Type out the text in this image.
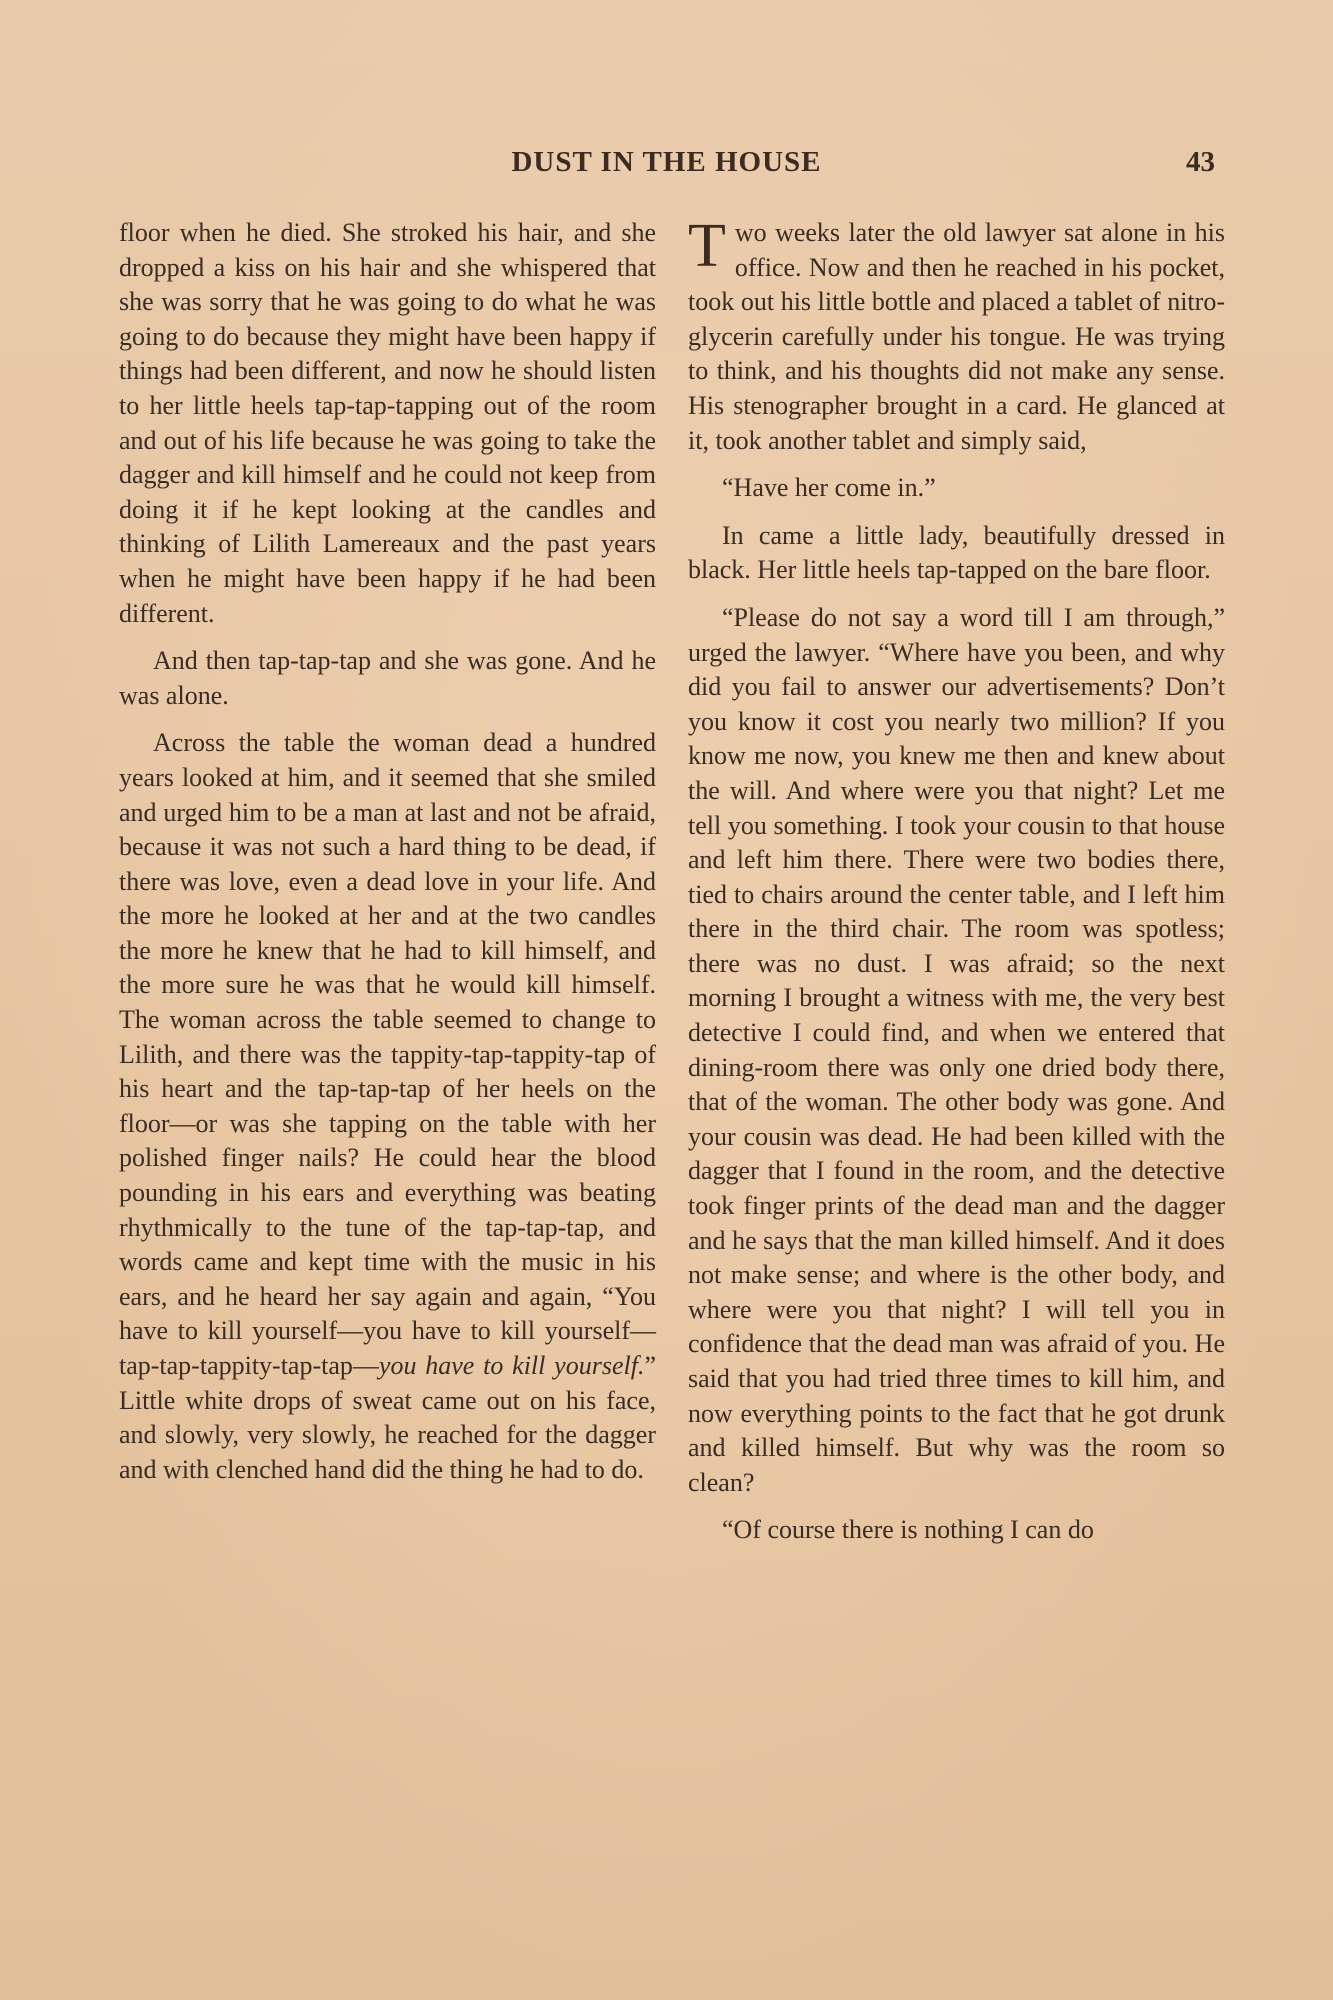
DUST IN THE HOUSE	43

floor when he died. She stroked his hair, and she dropped a kiss on his hair and she whispered that she was sorry that he was going to do what he was going to do because they might have been happy if things had been different, and now he should listen to her little heels tap-tap-tapping out of the room and out of his life because he was going to take the dagger and kill himself and he could not keep from doing it if he kept looking at the candles and thinking of Lilith Lamereaux and the past years when he might have been happy if he had been different.

And then tap-tap-tap and she was gone. And he was alone.

Across the table the woman dead a hundred years looked at him, and it seemed that she smiled and urged him to be a man at last and not be afraid, because it was not such a hard thing to be dead, if there was love, even a dead love in your life. And the more he looked at her and at the two candles the more he knew that he had to kill himself, and the more sure he was that he would kill himself. The woman across the table seemed to change to Lilith, and there was the tappity-tap-tappity-tap of his heart and the tap-tap-tap of her heels on the floor—or was she tapping on the table with her polished finger nails? He could hear the blood pounding in his ears and everything was beating rhythmically to the tune of the tap-tap-tap, and words came and kept time with the music in his ears, and he heard her say again and again, “You have to kill yourself—you have to kill yourself—tap-tap-tappity-tap-tap—you have to kill yourself.” Little white drops of sweat came out on his face, and slowly, very slowly, he reached for the dagger and with clenched hand did the thing he had to do.

Two weeks later the old lawyer sat alone in his office. Now and then he reached in his pocket, took out his little bottle and placed a tablet of nitroglycerin carefully under his tongue. He was trying to think, and his thoughts did not make any sense. His stenographer brought in a card. He glanced at it, took another tablet and simply said,

“Have her come in.”

In came a little lady, beautifully dressed in black. Her little heels tap-tapped on the bare floor.

“Please do not say a word till I am through,” urged the lawyer. “Where have you been, and why did you fail to answer our advertisements? Don’t you know it cost you nearly two million? If you know me now, you knew me then and knew about the will. And where were you that night? Let me tell you something. I took your cousin to that house and left him there. There were two bodies there, tied to chairs around the center table, and I left him there in the third chair. The room was spotless; there was no dust. I was afraid; so the next morning I brought a witness with me, the very best detective I could find, and when we entered that dining-room there was only one dried body there, that of the woman. The other body was gone. And your cousin was dead. He had been killed with the dagger that I found in the room, and the detective took finger prints of the dead man and the dagger and he says that the man killed himself. And it does not make sense; and where is the other body, and where were you that night? I will tell you in confidence that the dead man was afraid of you. He said that you had tried three times to kill him, and now everything points to the fact that he got drunk and killed himself. But why was the room so clean?

“Of course there is nothing I can do
